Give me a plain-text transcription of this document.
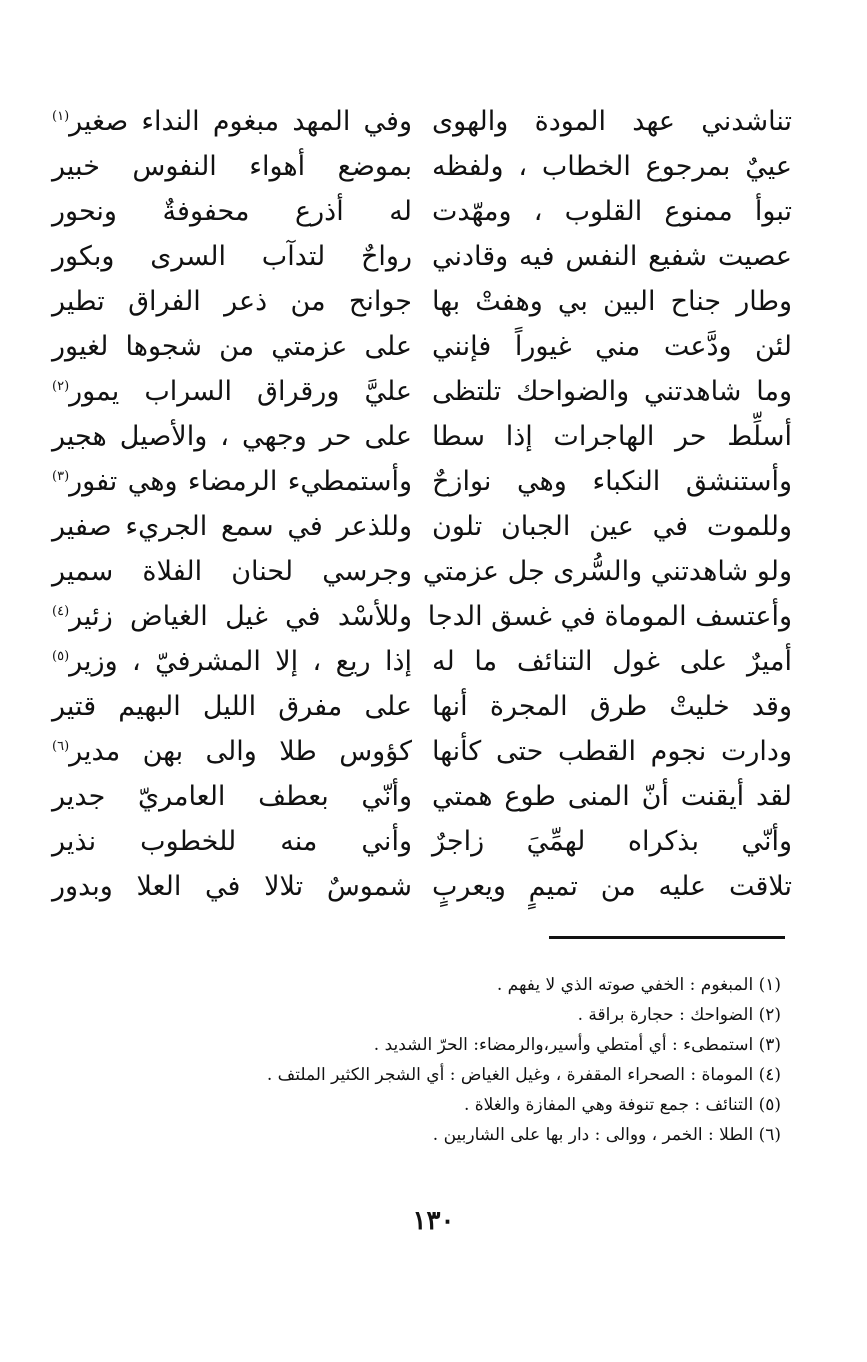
تناشدني عهد المودة والهوى
عييٌ بمرجوع الخطاب ، ولفظه
تبوأ ممنوع القلوب ، ومهّدت
عصيت شفيع النفس فيه وقادني
وطار جناح البين بي وهفتْ بها
لئن ودَّعت مني غيوراً فإنني
وما شاهدتني والضواحك تلتظى
أسلِّط حر الهاجرات إذا سطا
وأستنشق النكباء وهي نوازحٌ
وللموت في عين الجبان تلون
ولو شاهدتني والسُّرى جل عزمتي
وأعتسف الموماة في غسق الدجا
أميرٌ على غول التنائف ما له
وقد خليتْ طرق المجرة أنها
ودارت نجوم القطب حتى كأنها
لقد أيقنت أنّ المنى طوع همتي
وأنّي بذكراه لهمِّيَ زاجرٌ
تلاقت عليه من تميمٍ ويعربٍ
وفي المهد مبغوم النداء صغير$^{(١)}$
بموضع أهواء النفوس خبير
له أذرع محفوفةٌ ونحور
رواحٌ لتدآب السرى وبكور
جوانح من ذعر الفراق تطير
على عزمتي من شجوها لغيور
عليَّ ورقراق السراب يمور$^{(٢)}$
على حر وجهي ، والأصيل هجير
وأستمطيء الرمضاء وهي تفور$^{(٣)}$
وللذعر في سمع الجريء صفير
وجرسي لحنان الفلاة سمير
وللأسْد في غيل الغياض زئير$^{(٤)}$
إذا ريع ، إلا المشرفيّ ، وزير$^{(٥)}$
على مفرق الليل البهيم قتير
كؤوس طلا والى بهن مدير$^{(٦)}$
وأنّي بعطف العامريّ جدير
وأني منه للخطوب نذير
شموسٌ تلالا في العلا وبدور
(١) المبغوم : الخفي صوته الذي لا يفهم .
(٢) الضواحك : حجارة براقة .
(٣) استمطىء : أي أمتطي وأسير،والرمضاء: الحرّ الشديد .
(٤) الموماة : الصحراء المقفرة ، وغيل الغياض : أي الشجر الكثير الملتف .
(٥) التنائف : جمع تنوفة وهي المفازة والغلاة .
(٦) الطلا : الخمر ، ووالى : دار بها على الشاربين .
١٣٠
